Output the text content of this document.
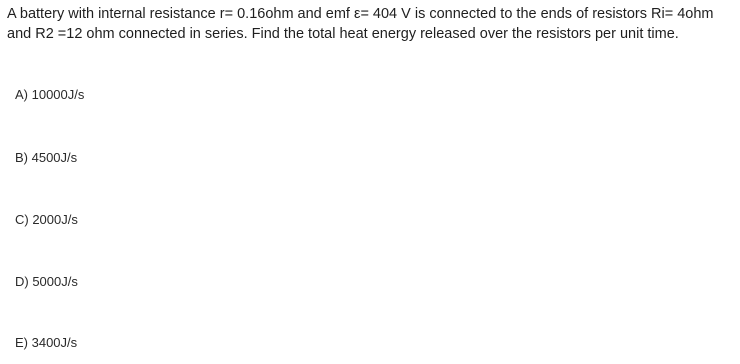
A battery with internal resistance r= 0.16ohm and emf ε= 404 V is connected to the ends of resistors Ri= 4ohm
and R2 =12 ohm connected in series. Find the total heat energy released over the resistors per unit time.
A) 10000J/s
B) 4500J/s
C) 2000J/s
D) 5000J/s
E) 3400J/s
